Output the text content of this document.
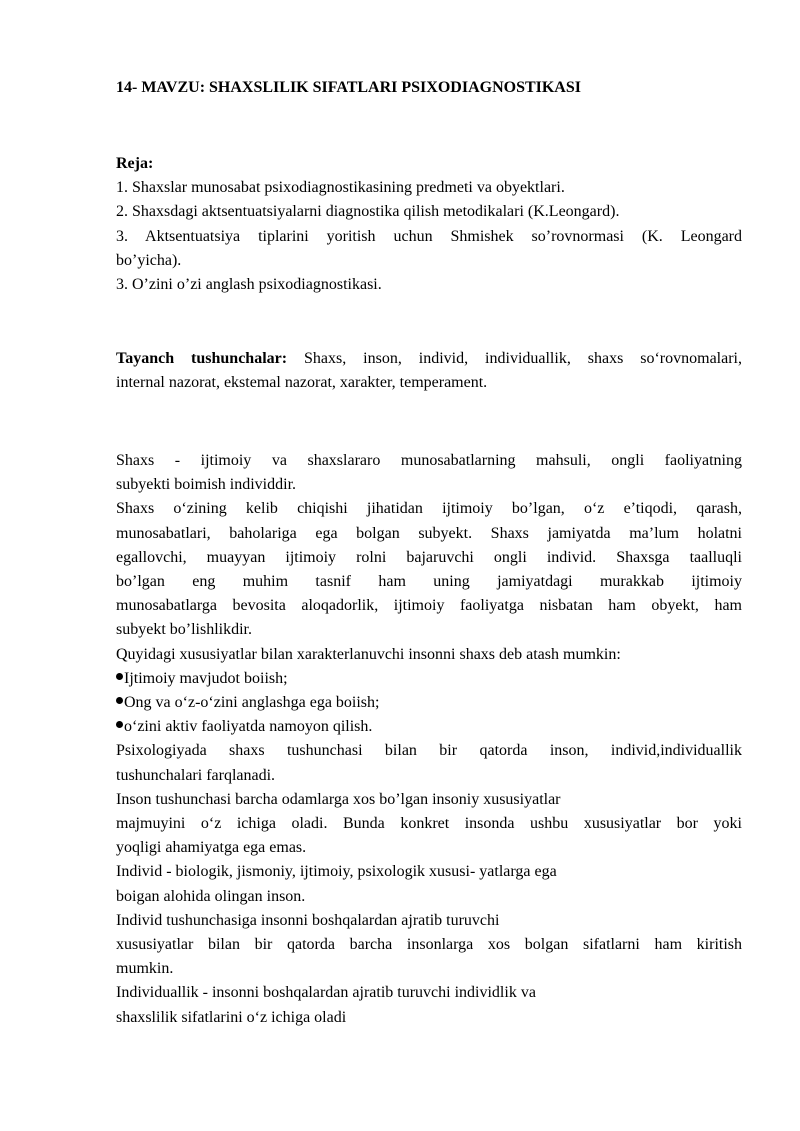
14- MAVZU: SHAXSLILIK SIFATLARI PSIXODIAGNOSTIKASI
Reja:
1. Shaxslar munosabat psixodiagnostikasining predmeti va obyektlari.
2. Shaxsdagi aktsentuatsiyalarni diagnostika qilish metodikalari (K.Leongard).
3. Aktsentuatsiya tiplarini yoritish uchun Shmishek so’rovnormasi (K. Leongard
bo’yicha).
3. O’zini o’zi anglash psixodiagnostikasi.
Tayanch tushunchalar: Shaxs, inson, individ, individuallik, shaxs so‘rovnomalari,
internal nazorat, ekstemal nazorat, xarakter, temperament.
Shaxs - ijtimoiy va shaxslararo munosabatlarning mahsuli, ongli faoliyatning
subyekti boimish individdir.
Shaxs o‘zining kelib chiqishi jihatidan ijtimoiy bo’lgan, o‘z e’tiqodi, qarash,
munosabatlari, baholariga ega bolgan subyekt. Shaxs jamiyatda ma’lum holatni
egallovchi, muayyan ijtimoiy rolni bajaruvchi ongli individ. Shaxsga taalluqli
bo’lgan eng muhim tasnif ham uning jamiyatdagi murakkab ijtimoiy
munosabatlarga bevosita aloqadorlik, ijtimoiy faoliyatga nisbatan ham obyekt, ham
subyekt bo’lishlikdir.
Quyidagi xususiyatlar bilan xarakterlanuvchi insonni shaxs deb atash mumkin:
Ijtimoiy mavjudot boiish;
Ong va o‘z-o‘zini anglashga ega boiish;
o‘zini aktiv faoliyatda namoyon qilish.
Psixologiyada shaxs tushunchasi bilan bir qatorda inson, individ,individuallik
tushunchalari farqlanadi.
Inson tushunchasi barcha odamlarga xos bo’lgan insoniy xususiyatlar
majmuyini o‘z ichiga oladi. Bunda konkret insonda ushbu xususiyatlar bor yoki
yoqligi ahamiyatga ega emas.
Individ - biologik, jismoniy, ijtimoiy, psixologik xususi- yatlarga ega
boigan alohida olingan inson.
Individ tushunchasiga insonni boshqalardan ajratib turuvchi
xususiyatlar bilan bir qatorda barcha insonlarga xos bolgan sifatlarni ham kiritish
mumkin.
Individuallik - insonni boshqalardan ajratib turuvchi individlik va
shaxslilik sifatlarini o‘z ichiga oladi
